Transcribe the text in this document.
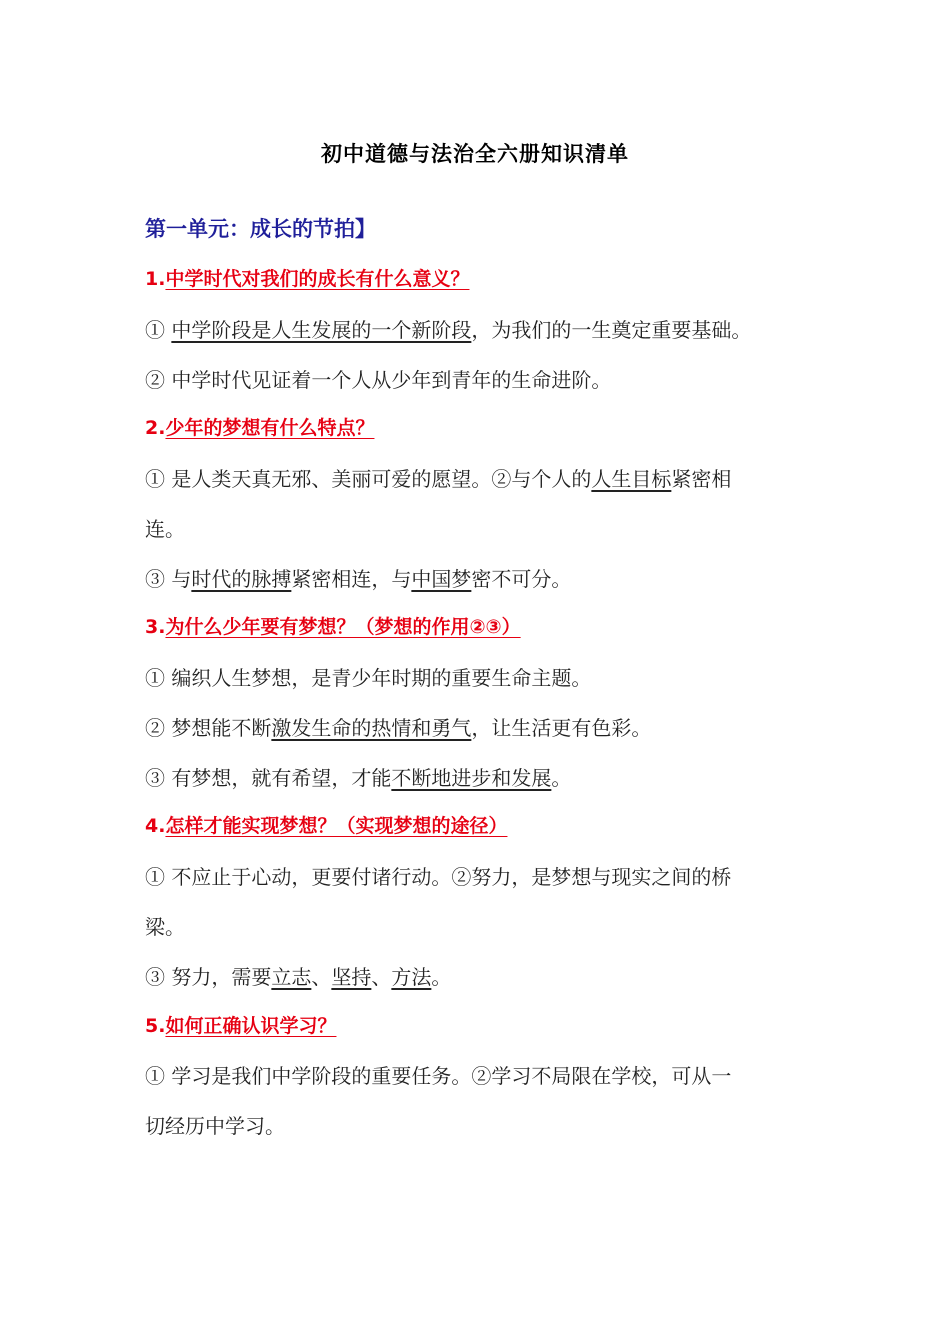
初中道德与法治全六册知识清单
第一单元：成长的节拍】
1.中学时代对我们的成长有什么意义？
① 中学阶段是人生发展的一个新阶段，为我们的一生奠定重要基础。
② 中学时代见证着一个人从少年到青年的生命进阶。
2.少年的梦想有什么特点？
① 是人类天真无邪、美丽可爱的愿望。②与个人的人生目标紧密相
连。
③ 与时代的脉搏紧密相连，与中国梦密不可分。
3.为什么少年要有梦想？（梦想的作用②③）
① 编织人生梦想，是青少年时期的重要生命主题。
② 梦想能不断激发生命的热情和勇气，让生活更有色彩。
③ 有梦想，就有希望，才能不断地进步和发展。
4.怎样才能实现梦想？（实现梦想的途径）
① 不应止于心动，更要付诸行动。②努力，是梦想与现实之间的桥
梁。
③ 努力，需要立志、坚持、方法。
5.如何正确认识学习？
① 学习是我们中学阶段的重要任务。②学习不局限在学校，可从一
切经历中学习。
